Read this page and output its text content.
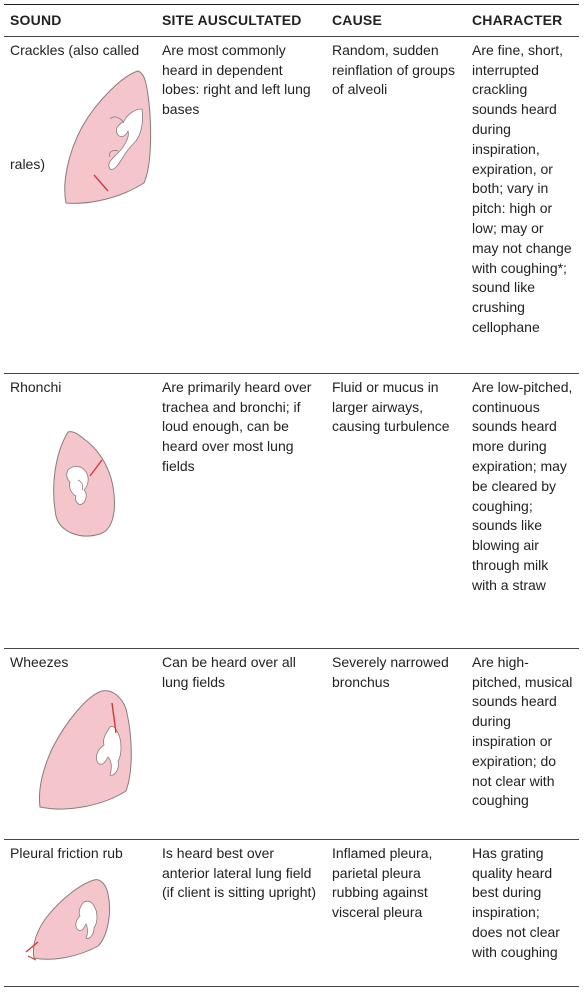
SOUND	SITE AUSCULTATED	CAUSE	CHARACTER

Crackles (also called
rales)	Are most commonly heard in dependent lobes: right and left lung bases	Random, sudden reinflation of groups of alveoli	Are fine, short, interrupted crackling sounds heard during inspiration, expiration, or both; vary in pitch: high or low; may or may not change with coughing*; sound like crushing cellophane

Rhonchi	Are primarily heard over trachea and bronchi; if loud enough, can be heard over most lung fields	Fluid or mucus in larger airways, causing turbulence	Are low-pitched, continuous sounds heard more during expiration; may be cleared by coughing; sounds like blowing air through milk with a straw

Wheezes	Can be heard over all lung fields	Severely narrowed bronchus	Are high-pitched, musical sounds heard during inspiration or expiration; do not clear with coughing

Pleural friction rub	Is heard best over anterior lateral lung field (if client is sitting upright)	Inflamed pleura, parietal pleura rubbing against visceral pleura	Has grating quality heard best during inspiration; does not clear with coughing
